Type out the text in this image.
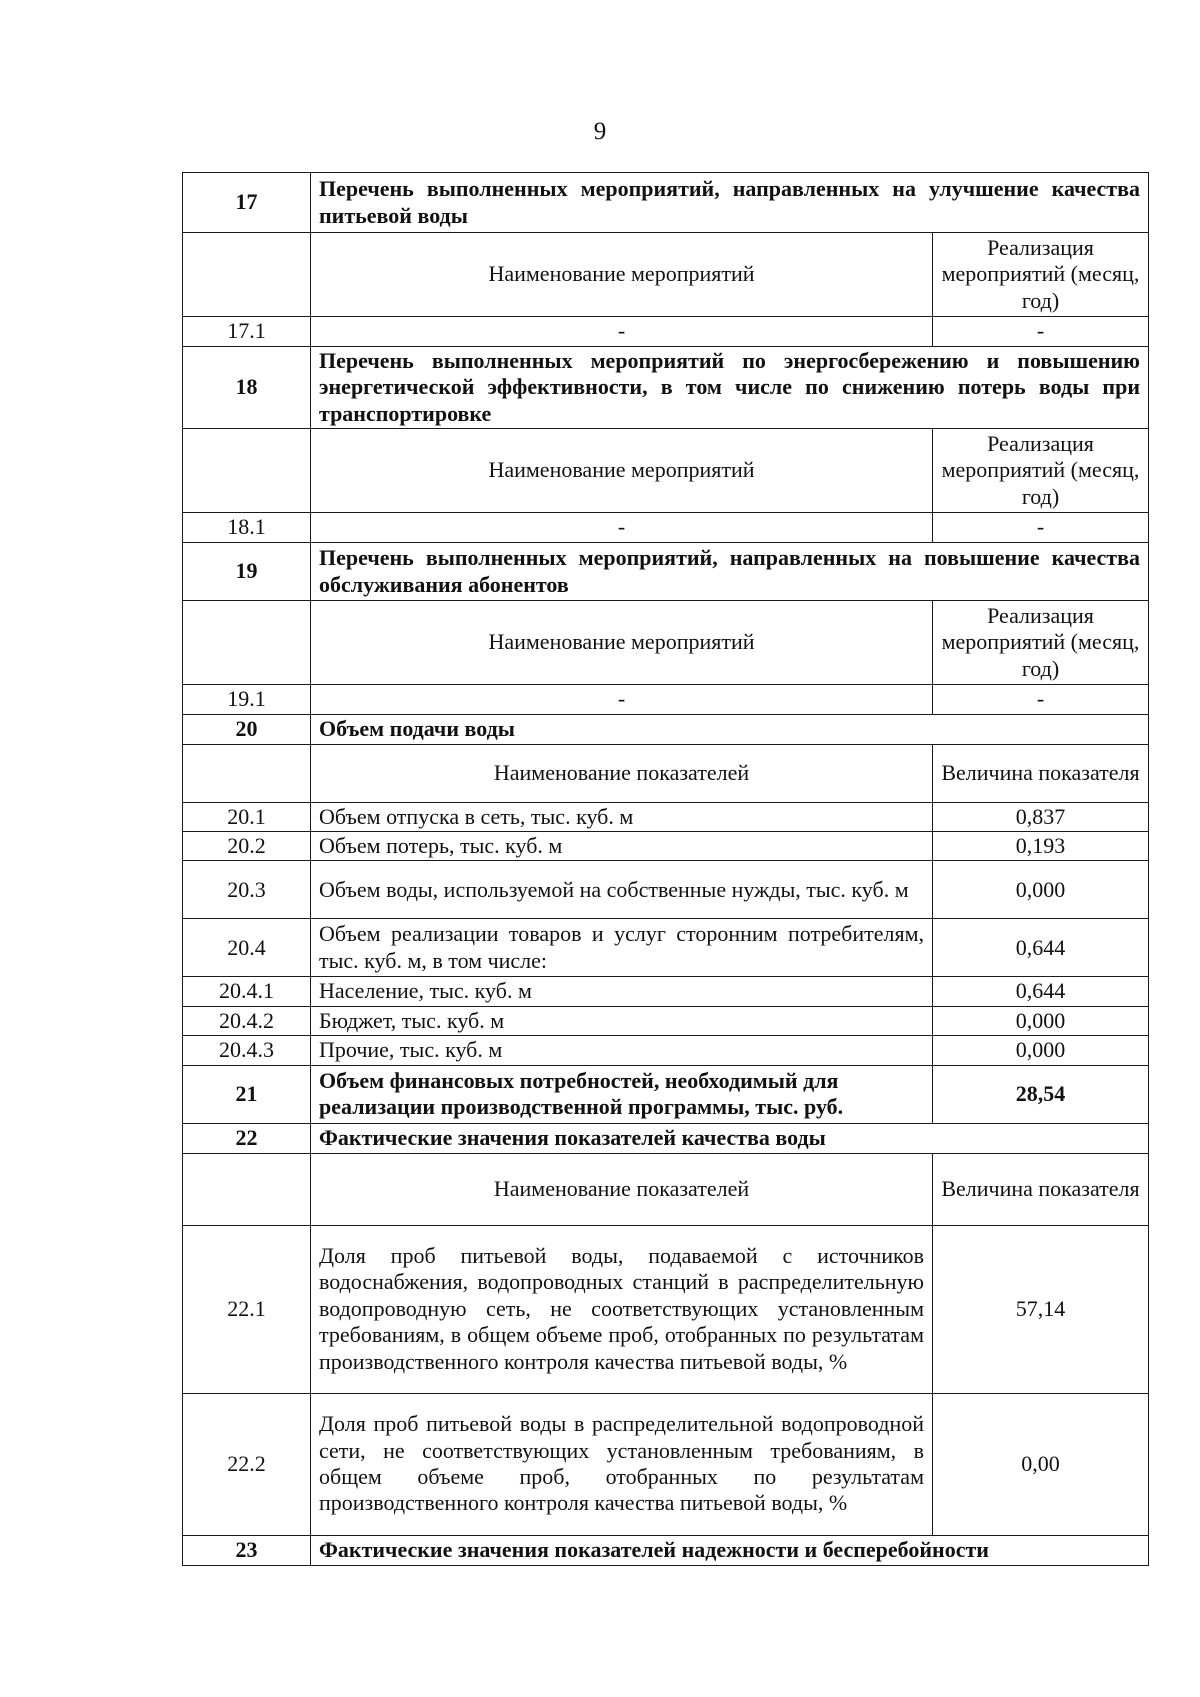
9
17	Перечень выполненных мероприятий, направленных на улучшение качества питьевой воды	
	Наименование мероприятий	Реализация мероприятий (месяц, год)
17.1	-	-
18	Перечень выполненных мероприятий по энергосбережению и повышению энергетической эффективности, в том числе по снижению потерь воды при транспортировке	
	Наименование мероприятий	Реализация мероприятий (месяц, год)
18.1	-	-
19	Перечень выполненных мероприятий, направленных на повышение качества обслуживания абонентов	
	Наименование мероприятий	Реализация мероприятий (месяц, год)
19.1	-	-
20	Объем подачи воды	
	Наименование показателей	Величина показателя
20.1	Объем отпуска в сеть, тыс. куб. м	0,837
20.2	Объем потерь, тыс. куб. м	0,193
20.3	Объем воды, используемой на собственные нужды, тыс. куб. м	0,000
20.4	Объем реализации товаров и услуг сторонним потребителям, тыс. куб. м, в том числе:	0,644
20.4.1	Население, тыс. куб. м	0,644
20.4.2	Бюджет, тыс. куб. м	0,000
20.4.3	Прочие, тыс. куб. м	0,000
21	Объем финансовых потребностей, необходимый для реализации производственной программы, тыс. руб.	28,54
22	Фактические значения показателей качества воды	
	Наименование показателей	Величина показателя
22.1	Доля проб питьевой воды, подаваемой с источников водоснабжения, водопроводных станций в распределительную водопроводную сеть, не соответствующих установленным требованиям, в общем объеме проб, отобранных по результатам производственного контроля качества питьевой воды, %	57,14
22.2	Доля проб питьевой воды в распределительной водопроводной сети, не соответствующих установленным требованиям, в общем объеме проб, отобранных по результатам производственного контроля качества питьевой воды, %	0,00
23	Фактические значения показателей надежности и бесперебойности	
